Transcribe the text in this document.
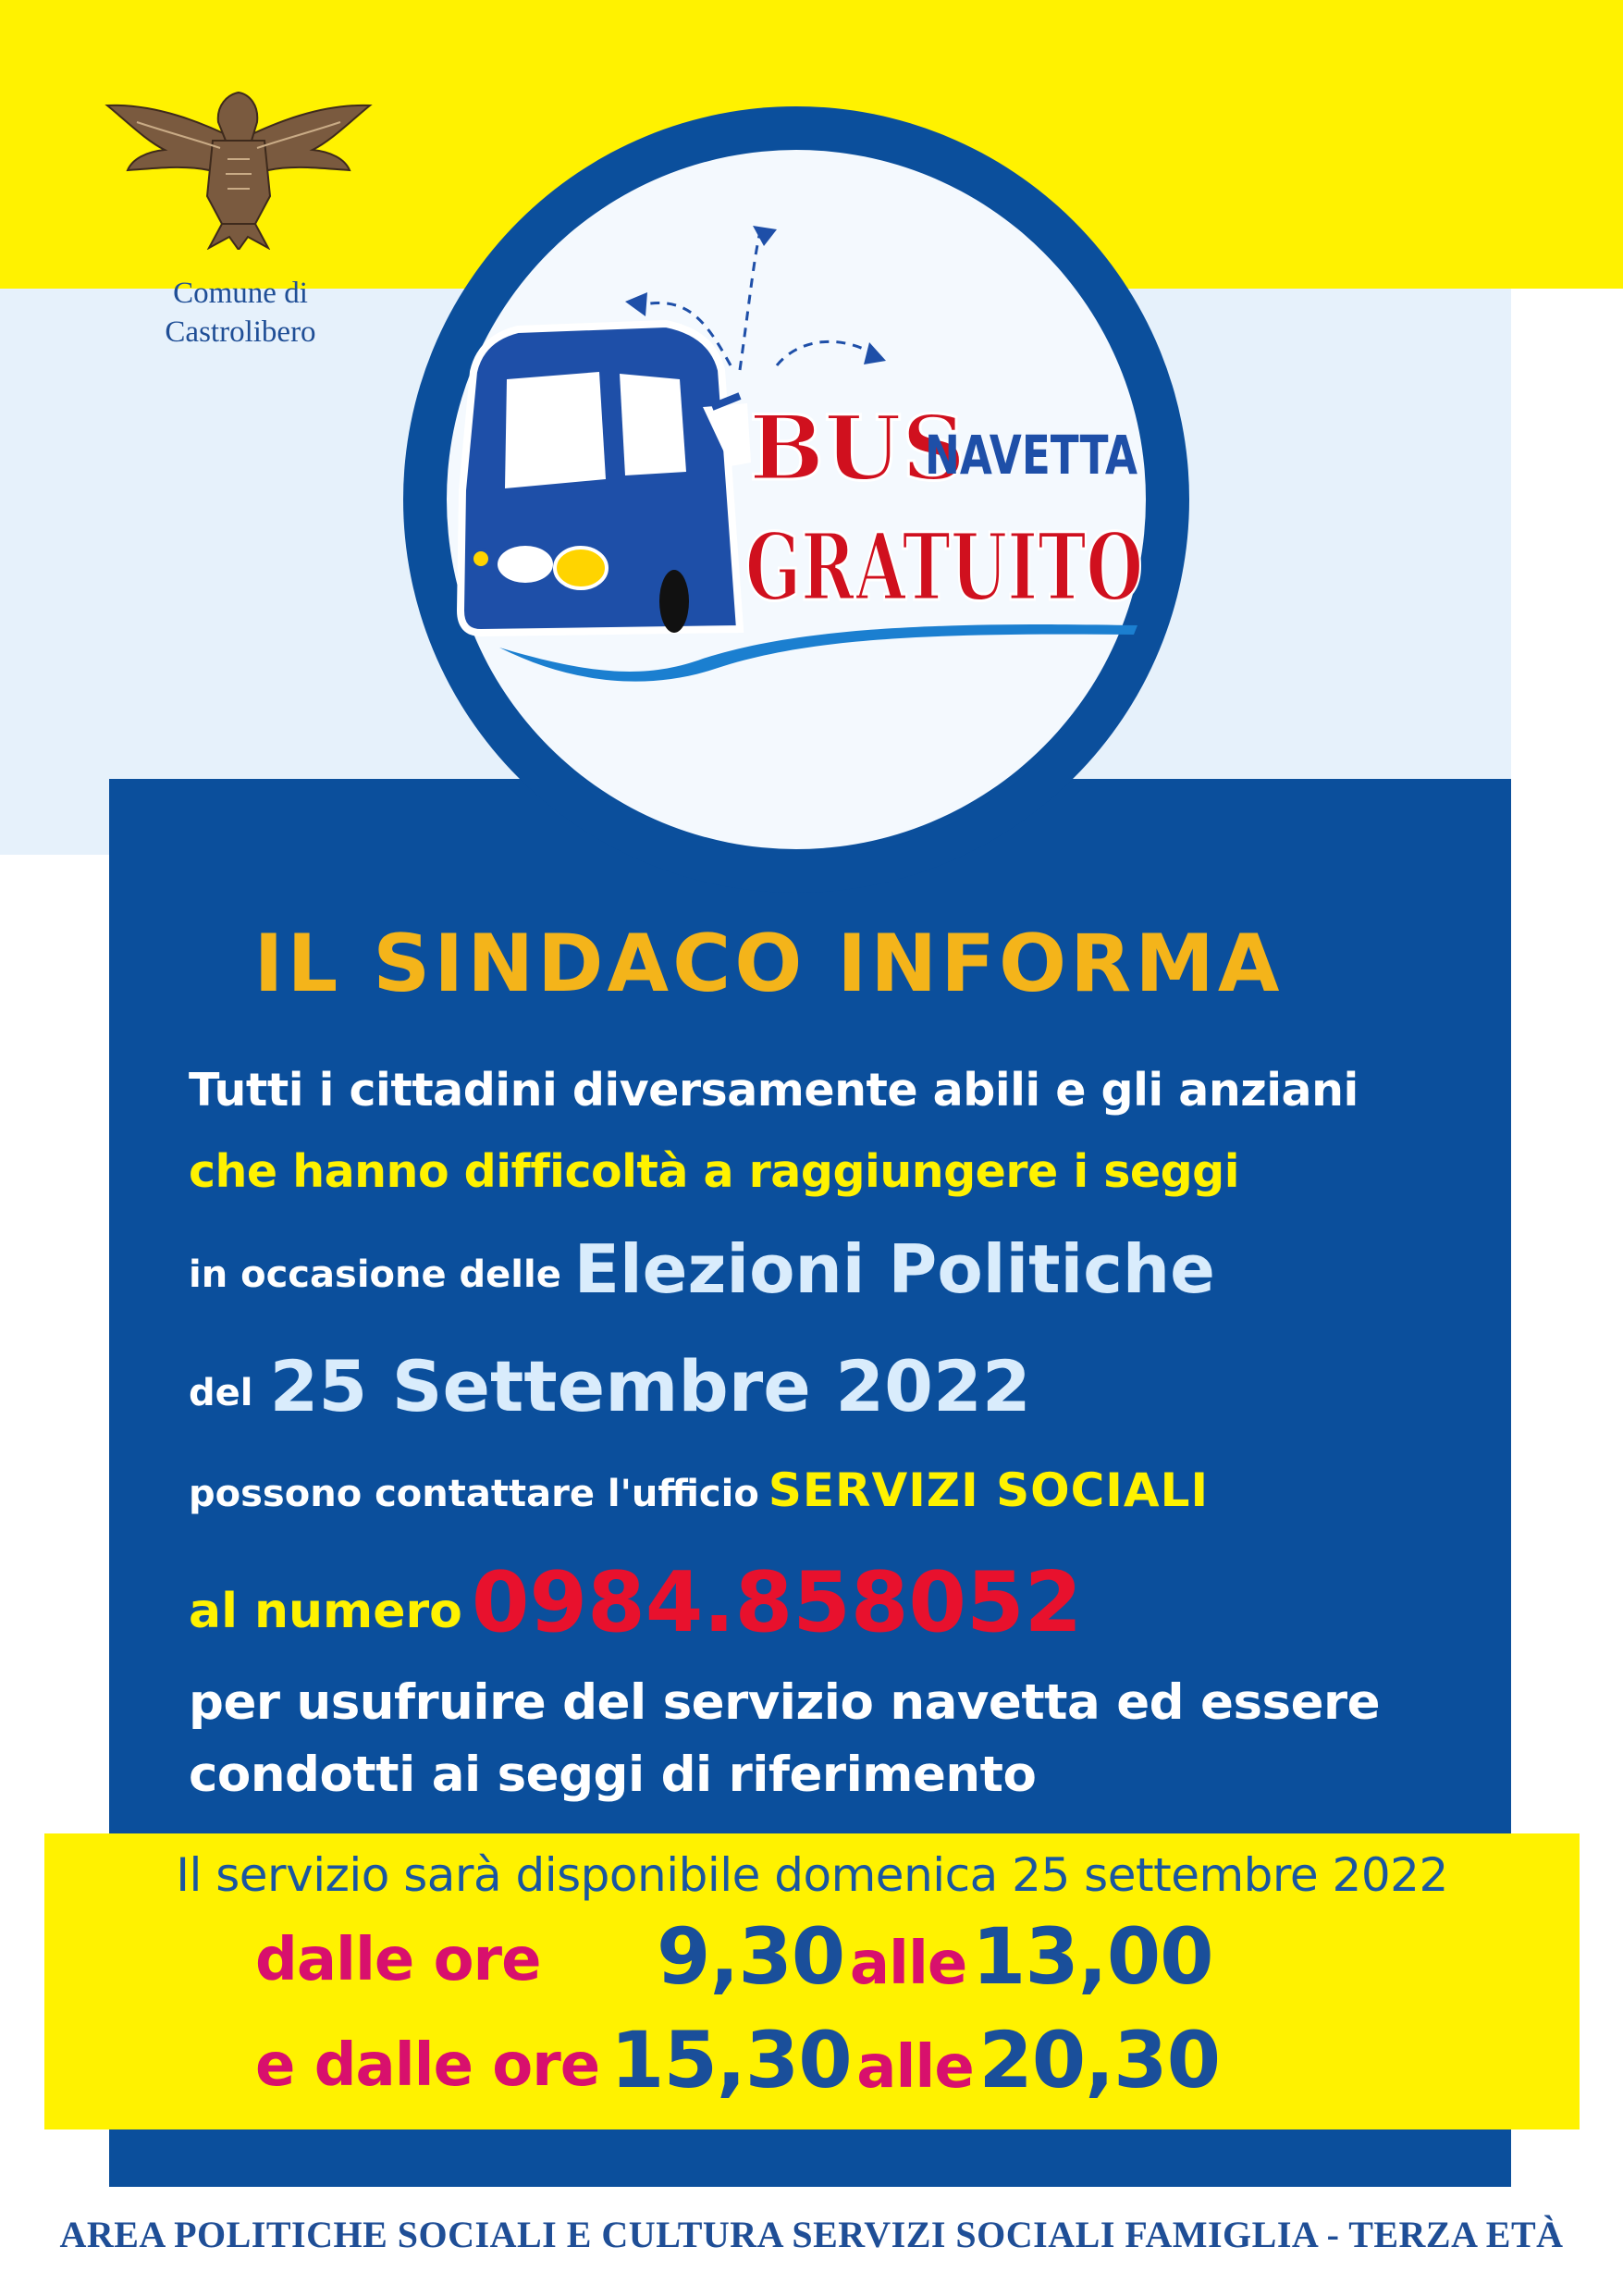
Comune di
Castrolibero
BUS
NAVETTA
GRATUITO
IL SINDACO INFORMA
Tutti i cittadini diversamente abili e gli anziani
che hanno difficoltà a raggiungere i seggi
in occasione delle Elezioni Politiche
del 25 Settembre 2022
possono contattare l'ufficio SERVIZI SOCIALI
al numero 0984.858052
per usufruire del servizio navetta ed essere
condotti ai seggi di riferimento
Il servizio sarà disponibile domenica 25 settembre 2022
dalle ore 9,30 alle 13,00
e dalle ore 15,30 alle 20,30
AREA POLITICHE SOCIALI E CULTURA SERVIZI SOCIALI FAMIGLIA - TERZA ETÀ
